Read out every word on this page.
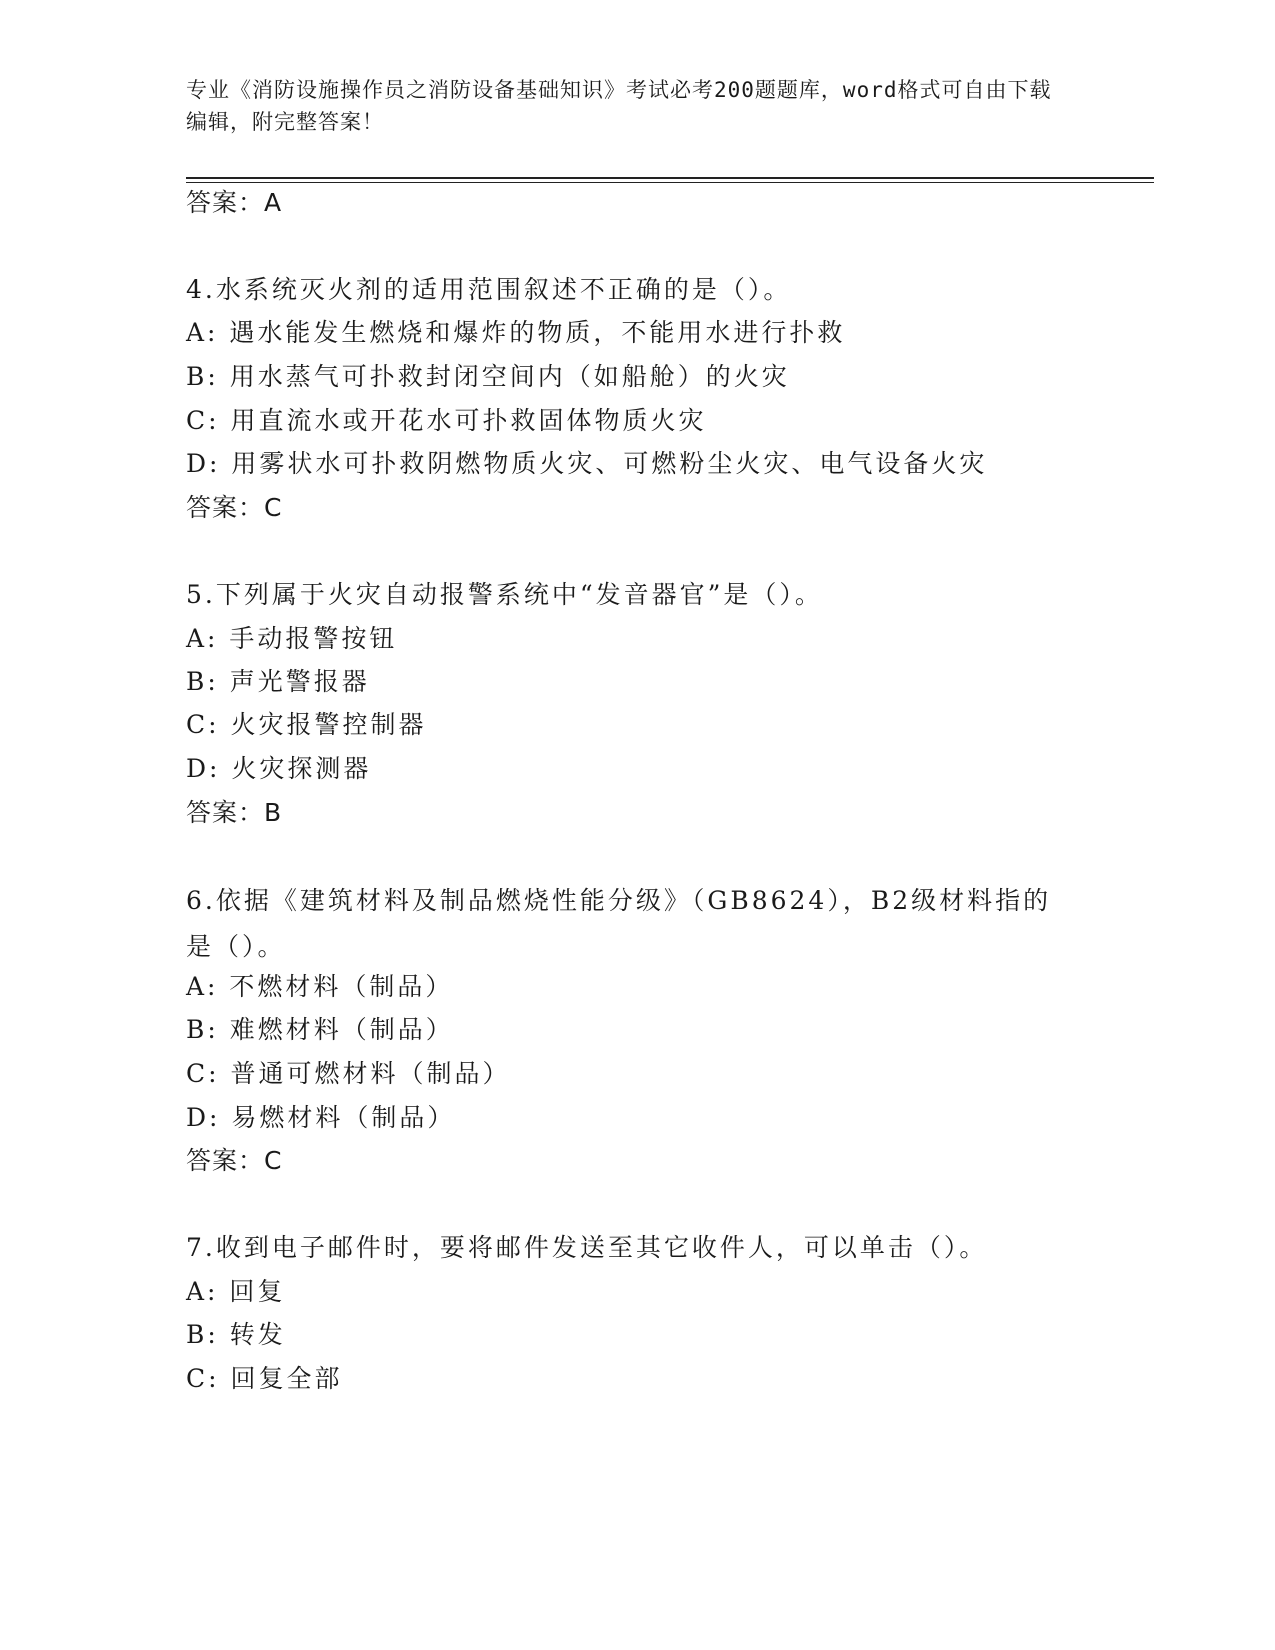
专业《消防设施操作员之消防设备基础知识》考试必考200题题库，word格式可自由下载编辑，附完整答案！
答案：A
4.水系统灭火剂的适用范围叙述不正确的是（）。
A: 遇水能发生燃烧和爆炸的物质，不能用水进行扑救
B: 用水蒸气可扑救封闭空间内（如船舱）的火灾
C: 用直流水或开花水可扑救固体物质火灾
D: 用雾状水可扑救阴燃物质火灾、可燃粉尘火灾、电气设备火灾
答案：C
5.下列属于火灾自动报警系统中“发音器官”是（）。
A: 手动报警按钮
B: 声光警报器
C: 火灾报警控制器
D: 火灾探测器
答案：B
6.依据《建筑材料及制品燃烧性能分级》（GB8624），B2级材料指的是（）。
A: 不燃材料（制品）
B: 难燃材料（制品）
C: 普通可燃材料（制品）
D: 易燃材料（制品）
答案：C
7.收到电子邮件时，要将邮件发送至其它收件人，可以单击（）。
A: 回复
B: 转发
C: 回复全部
